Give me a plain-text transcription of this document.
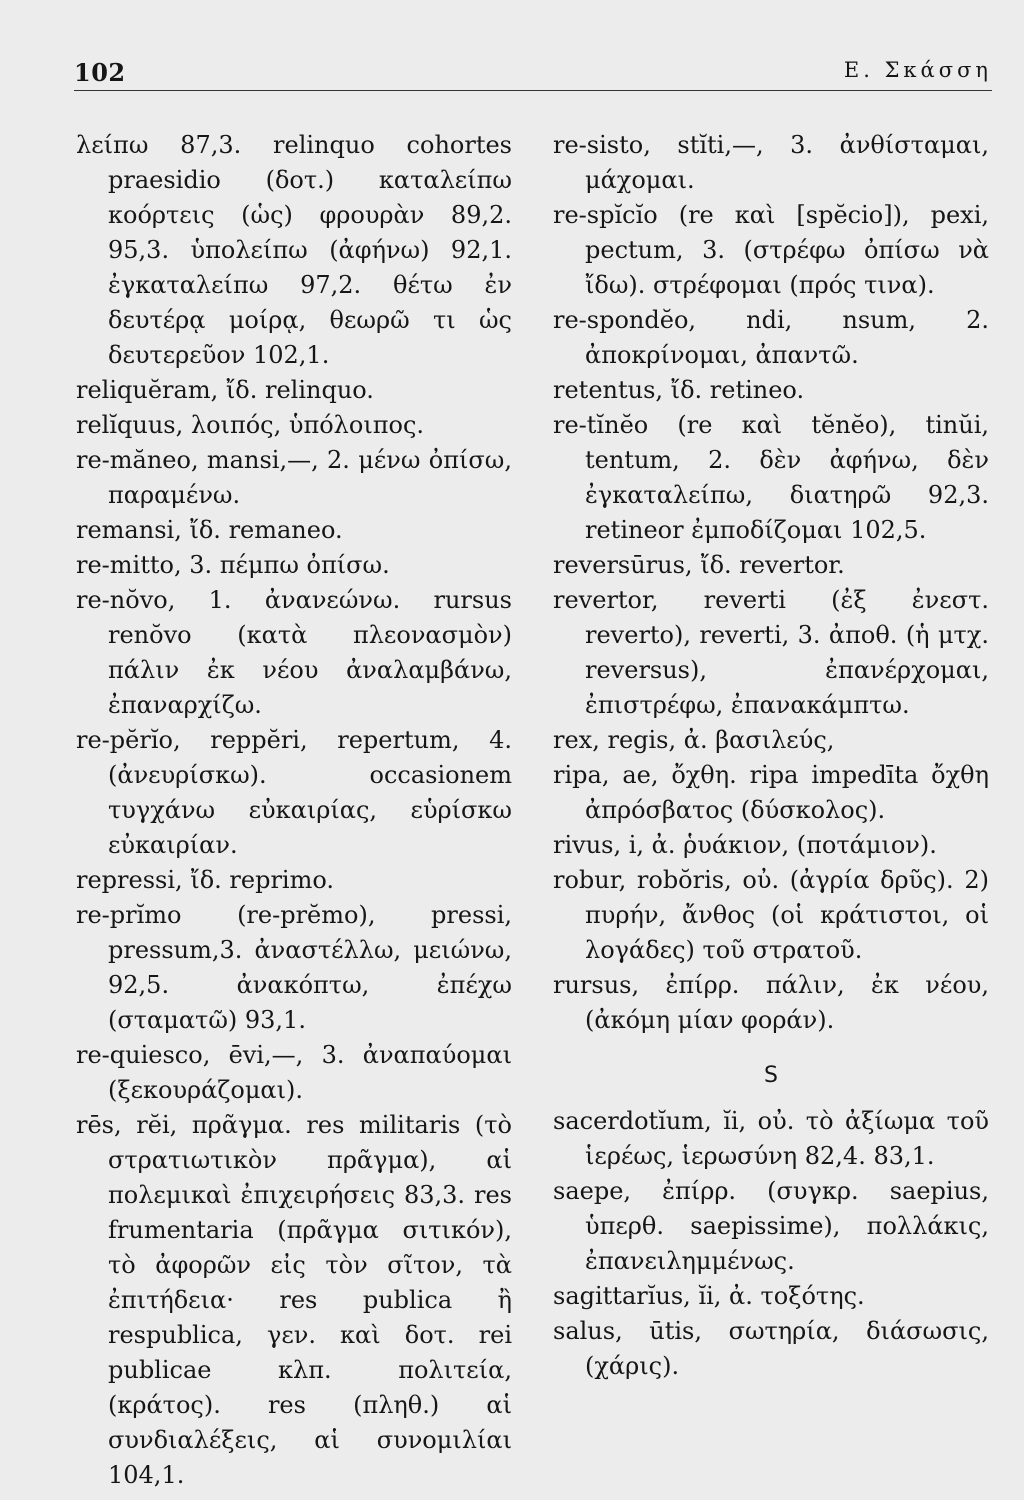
102	Ε. Σκάσση

λείπω 87,3. relinquo cohortes praesidio (δοτ.) καταλείπω κοόρτεις (ὡς) φρουρὰν 89,2. 95,3. ὑπολείπω (ἀφήνω) 92,1. ἐγκαταλείπω 97,2. θέτω ἐν δευτέρᾳ μοίρᾳ, θεωρῶ τι ὡς δευτερεῦον 102,1.

reliquĕram, ἴδ. relinquo.

relĭquus, λοιπός, ὑπόλοιπος.

re-măneo, mansi,—, 2. μένω ὀπίσω, παραμένω.

remansi, ἴδ. remaneo.

re-mitto, 3. πέμπω ὀπίσω.

re-nŏvo, 1. ἀνανεώνω. rursus renŏvo (κατὰ πλεονασμὸν) πάλιν ἐκ νέου ἀναλαμβάνω, ἐπαναρχίζω.

re-pĕrĭo, reppĕri, repertum, 4. (ἀνευρίσκω). occasionem τυγχάνω εὐκαιρίας, εὑρίσκω εὐκαιρίαν.

repressi, ἴδ. reprimo.

re-prĭmo (re-prĕmo), pressi, pressum,3. ἀναστέλλω, μειώνω, 92,5. ἀνακόπτω, ἐπέχω (σταματῶ) 93,1.

re-quiesco, ēvi,—, 3. ἀναπαύομαι (ξεκουράζομαι).

rēs, rĕi, πρᾶγμα. res militaris (τὸ στρατιωτικὸν πρᾶγμα), αἱ πολεμικαὶ ἐπιχειρήσεις 83,3. res frumentaria (πρᾶγμα σιτικόν), τὸ ἀφορῶν εἰς τὸν σῖτον, τὰ ἐπιτήδεια· res publica ἢ respublica, γεν. καὶ δοτ. rei publicae κλπ. πολιτεία, (κράτος). res (πληθ.) αἱ συνδιαλέξεις, αἱ συνομιλίαι 104,1.

re-sisto, stĭti,—, 3. ἀνθίσταμαι, μάχομαι.

re-spĭcĭo (re καὶ [spĕcio]), pexi, pectum, 3. (στρέφω ὀπίσω νὰ ἴδω). στρέφομαι (πρός τινα).

re-spondĕo, ndi, nsum, 2. ἀποκρίνομαι, ἀπαντῶ.

retentus, ἴδ. retineo.

re-tĭnĕo (re καὶ tĕnĕo), tinŭi, tentum, 2. δὲν ἀφήνω, δὲν ἐγκαταλείπω, διατηρῶ 92,3. retineor ἐμποδίζομαι 102,5.

reversūrus, ἴδ. revertor.

revertor, reverti (ἐξ ἐνεστ. reverto), reverti, 3. ἀποθ. (ἡ μτχ. reversus), ἐπανέρχομαι, ἐπιστρέφω, ἐπανακάμπτω.

rex, regis, ἀ. βασιλεύς,

ripa, ae, ὄχθη. ripa impedīta ὄχθη ἀπρόσβατος (δύσκολος).

rivus, i, ἀ. ῥυάκιον, (ποτάμιον).

robur, robŏris, οὐ. (ἀγρία δρῦς). 2) πυρήν, ἄνθος (οἱ κράτιστοι, οἱ λογάδες) τοῦ στρατοῦ.

rursus, ἐπίρρ. πάλιν, ἐκ νέου, (ἀκόμη μίαν φοράν).

S

sacerdotĭum, ĭi, οὐ. τὸ ἀξίωμα τοῦ ἱερέως, ἱερωσύνη 82,4. 83,1.

saepe, ἐπίρρ. (συγκρ. saepius, ὑπερθ. saepissime), πολλάκις, ἐπανειλημμένως.

sagittarĭus, ĭi, ἀ. τοξότης.

salus, ūtis, σωτηρία, διάσωσις, (χάρις).
